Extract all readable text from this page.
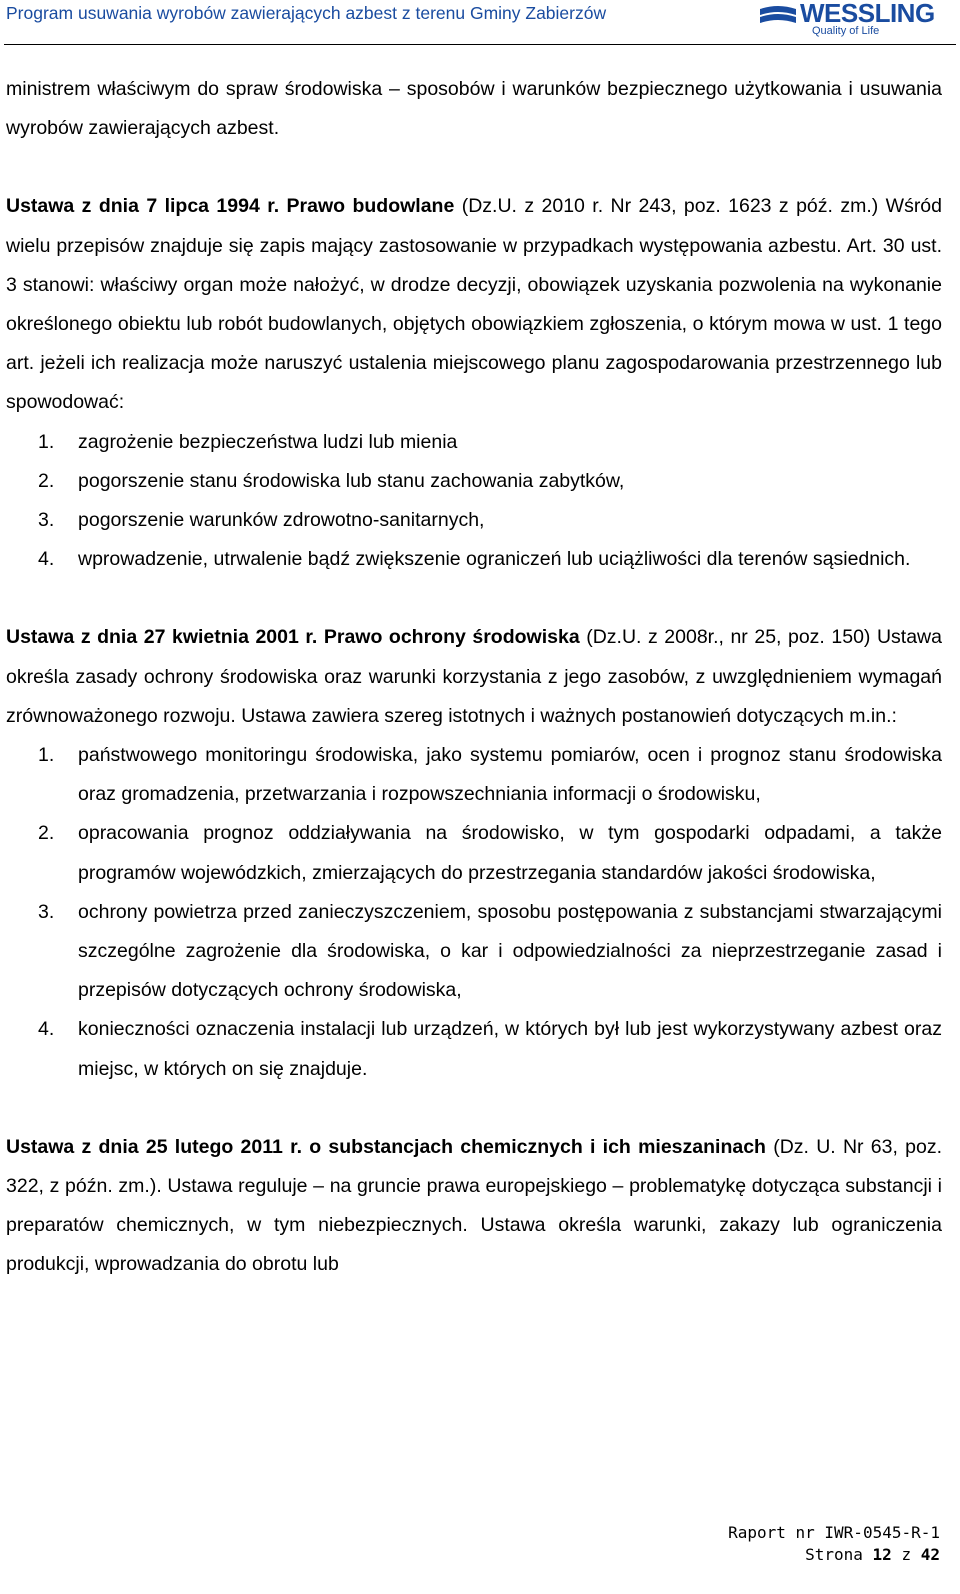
Program usuwania wyrobów zawierających azbest z terenu Gminy Zabierzów	WESSLING
Quality of Life

ministrem właściwym do spraw środowiska – sposobów i warunków bezpiecznego użytkowania i usuwania wyrobów zawierających azbest.

Ustawa z dnia 7 lipca 1994 r. Prawo budowlane (Dz.U. z 2010 r. Nr 243, poz. 1623 z póź. zm.) Wśród wielu przepisów znajduje się zapis mający zastosowanie w przypadkach występowania azbestu. Art. 30 ust. 3 stanowi: właściwy organ może nałożyć, w drodze decyzji, obowiązek uzyskania pozwolenia na wykonanie określonego obiektu lub robót budowlanych, objętych obowiązkiem zgłoszenia, o którym mowa w ust. 1 tego art. jeżeli ich realizacja może naruszyć ustalenia miejscowego planu zagospodarowania przestrzennego lub spowodować:

1. zagrożenie bezpieczeństwa ludzi lub mienia
2. pogorszenie stanu środowiska lub stanu zachowania zabytków,
3. pogorszenie warunków zdrowotno-sanitarnych,
4. wprowadzenie, utrwalenie bądź zwiększenie ograniczeń lub uciążliwości dla terenów sąsiednich.

Ustawa z dnia 27 kwietnia 2001 r. Prawo ochrony środowiska (Dz.U. z 2008r., nr 25, poz. 150) Ustawa określa zasady ochrony środowiska oraz warunki korzystania z jego zasobów, z uwzględnieniem wymagań zrównoważonego rozwoju. Ustawa zawiera szereg istotnych i ważnych postanowień dotyczących m.in.:

1. państwowego monitoringu środowiska, jako systemu pomiarów, ocen i prognoz stanu środowiska oraz gromadzenia, przetwarzania i rozpowszechniania informacji o środowisku,
2. opracowania prognoz oddziaływania na środowisko, w tym gospodarki odpadami, a także programów wojewódzkich, zmierzających do przestrzegania standardów jakości środowiska,
3. ochrony powietrza przed zanieczyszczeniem, sposobu postępowania z substancjami stwarzającymi szczególne zagrożenie dla środowiska, o kar i odpowiedzialności za nieprzestrzeganie zasad i przepisów dotyczących ochrony środowiska,
4. konieczności oznaczenia instalacji lub urządzeń, w których był lub jest wykorzystywany azbest oraz miejsc, w których on się znajduje.

Ustawa z dnia 25 lutego 2011 r. o substancjach chemicznych i ich mieszaninach (Dz. U. Nr 63, poz. 322, z późn. zm.). Ustawa reguluje – na gruncie prawa europejskiego – problematykę dotycząca substancji i preparatów chemicznych, w tym niebezpiecznych. Ustawa określa warunki, zakazy lub ograniczenia produkcji, wprowadzania do obrotu lub

Raport nr IWR-0545-R-1
Strona 12 z 42
